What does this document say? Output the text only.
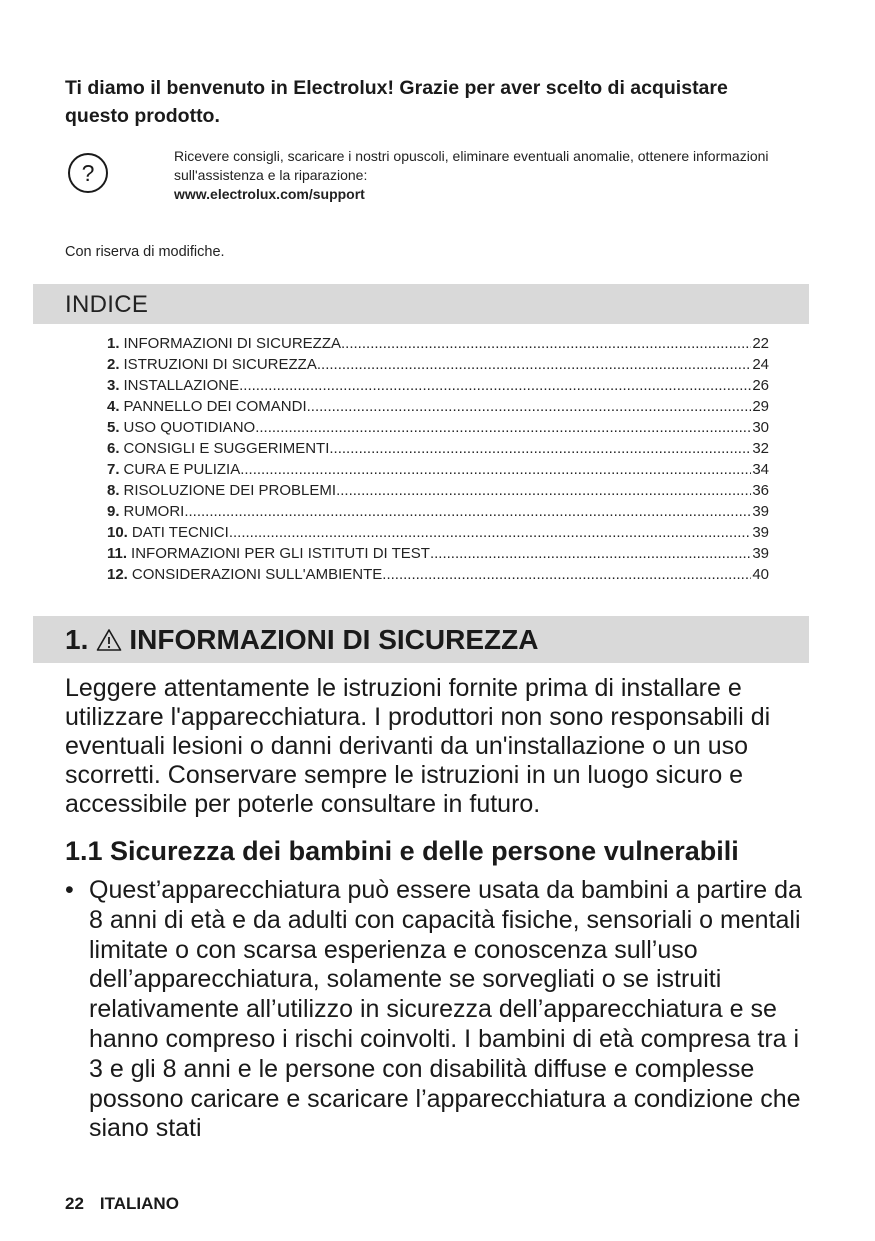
Ti diamo il benvenuto in Electrolux! Grazie per aver scelto di acquistare questo prodotto.
?
Ricevere consigli, scaricare i nostri opuscoli, eliminare eventuali anomalie, ottenere informazioni sull'assistenza e la riparazione:
www.electrolux.com/support
Con riserva di modifiche.
INDICE
1. INFORMAZIONI DI SICUREZZA .....	22
2. ISTRUZIONI DI SICUREZZA .....	24
3. INSTALLAZIONE .....	26
4. PANNELLO DEI COMANDI .....	29
5. USO QUOTIDIANO .....	30
6. CONSIGLI E SUGGERIMENTI .....	32
7. CURA E PULIZIA .....	34
8. RISOLUZIONE DEI PROBLEMI .....	36
9. RUMORI .....	39
10. DATI TECNICI .....	39
11. INFORMAZIONI PER GLI ISTITUTI DI TEST .....	39
12. CONSIDERAZIONI SULL'AMBIENTE .....	40
1. INFORMAZIONI DI SICUREZZA
Leggere attentamente le istruzioni fornite prima di installare e utilizzare l'apparecchiatura. I produttori non sono responsabili di eventuali lesioni o danni derivanti da un'installazione o un uso scorretti. Conservare sempre le istruzioni in un luogo sicuro e accessibile per poterle consultare in futuro.
1.1 Sicurezza dei bambini e delle persone vulnerabili
• Quest’apparecchiatura può essere usata da bambini a partire da 8 anni di età e da adulti con capacità fisiche, sensoriali o mentali limitate o con scarsa esperienza e conoscenza sull’uso dell’apparecchiatura, solamente se sorvegliati o se istruiti relativamente all’utilizzo in sicurezza dell’apparecchiatura e se hanno compreso i rischi coinvolti. I bambini di età compresa tra i 3 e gli 8 anni e le persone con disabilità diffuse e complesse possono caricare e scaricare l’apparecchiatura a condizione che siano stati
22 ITALIANO
